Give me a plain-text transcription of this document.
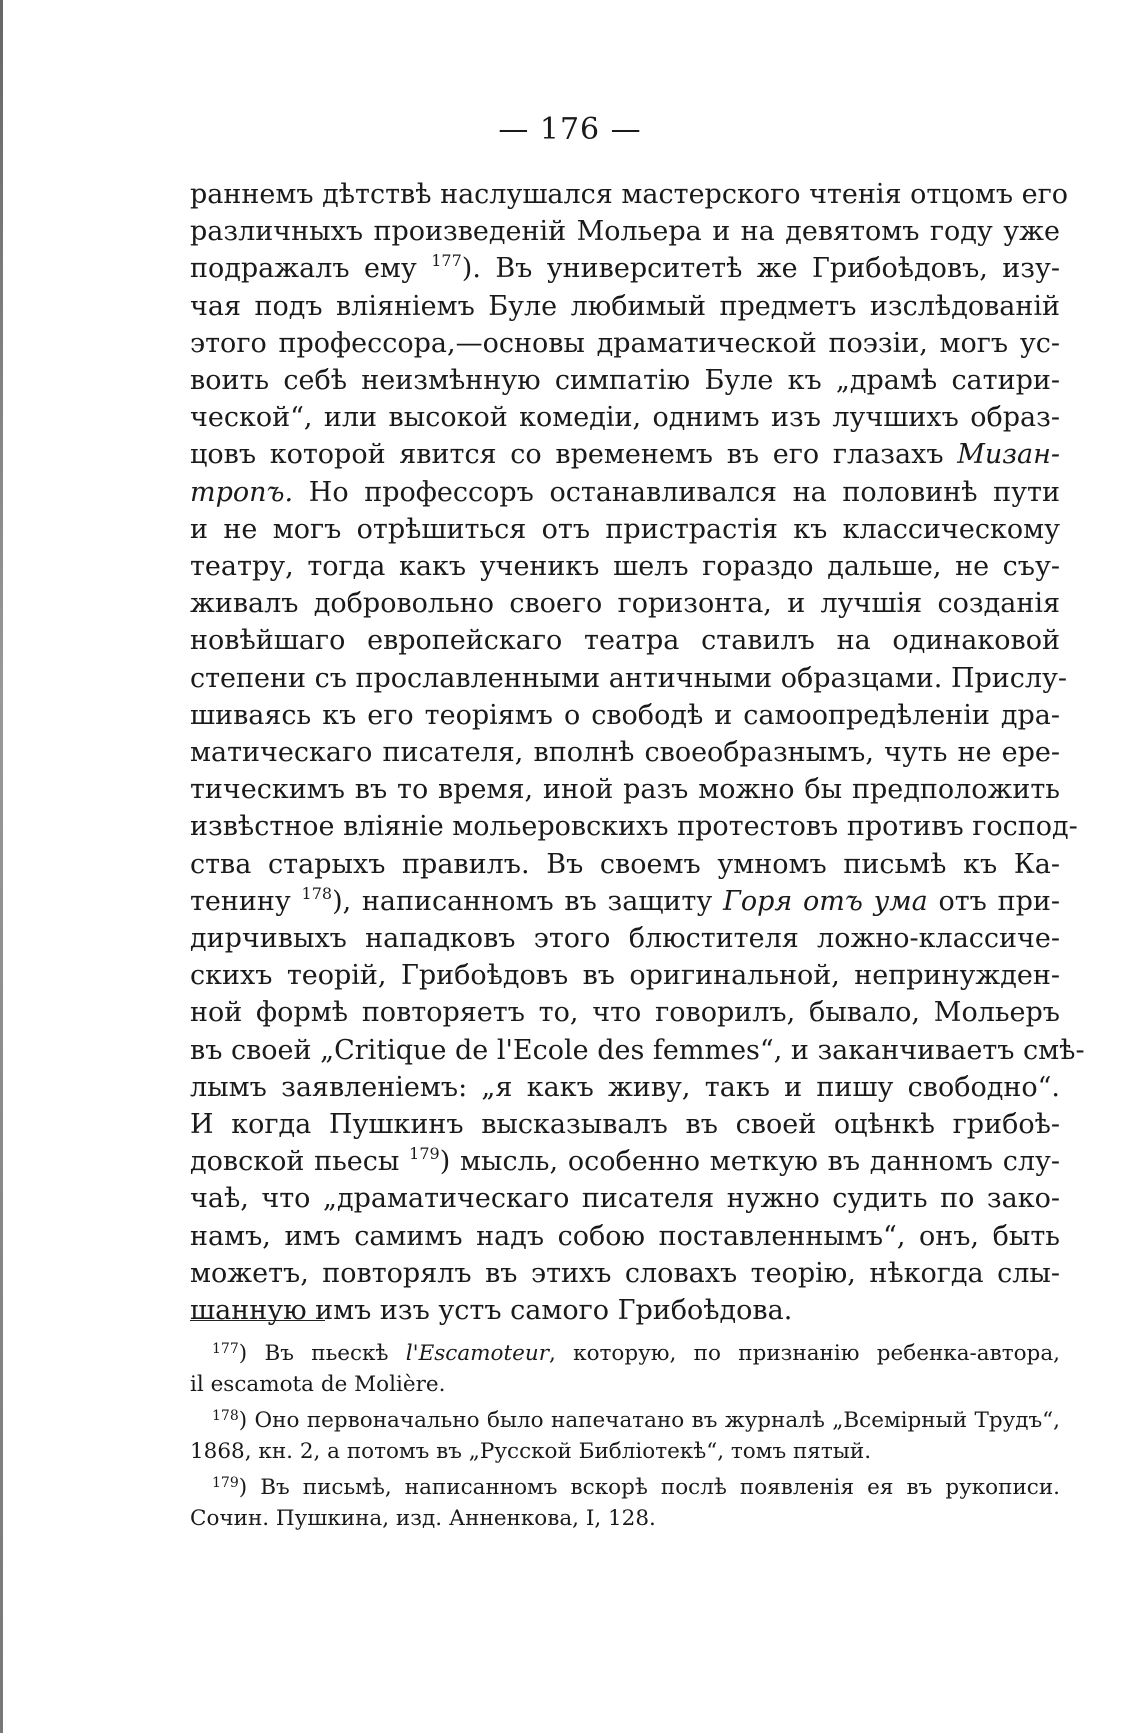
— 176 —
раннемъ дѣтствѣ наслушался мастерского чтенія отцомъ его
различныхъ произведеній Мольера и на девятомъ году уже
подражалъ ему $^{177}$). Въ университетѣ же Грибоѣдовъ, изу-
чая подъ вліяніемъ Буле любимый предметъ изслѣдованій
этого профессора,—основы драматической поэзіи, могъ ус-
воить себѣ неизмѣнную симпатію Буле къ „драмѣ сатири-
ческой“, или высокой комедіи, однимъ изъ лучшихъ образ-
цовъ которой явится со временемъ въ его глазахъ Мизан-
тропъ. Но профессоръ останавливался на половинѣ пути
и не могъ отрѣшиться отъ пристрастія къ классическому
театру, тогда какъ ученикъ шелъ гораздо дальше, не съу-
живалъ добровольно своего горизонта, и лучшія созданія
новѣйшаго европейскаго театра ставилъ на одинаковой
степени съ прославленными античными образцами. Прислу-
шиваясь къ его теоріямъ о свободѣ и самоопредѣленіи дра-
матическаго писателя, вполнѣ своеобразнымъ, чуть не ере-
тическимъ въ то время, иной разъ можно бы предположить
извѣстное вліяніе мольеровскихъ протестовъ противъ господ-
ства старыхъ правилъ. Въ своемъ умномъ письмѣ къ Ка-
тенину $^{178}$), написанномъ въ защиту Горя отъ ума отъ при-
дирчивыхъ нападковъ этого блюстителя ложно-классиче-
скихъ теорій, Грибоѣдовъ въ оригинальной, непринужден-
ной формѣ повторяетъ то, что говорилъ, бывало, Мольеръ
въ своей „Critique de l'Ecole des femmes“, и заканчиваетъ смѣ-
лымъ заявленіемъ: „я какъ живу, такъ и пишу свободно“.
И когда Пушкинъ высказывалъ въ своей оцѣнкѣ грибоѣ-
довской пьесы $^{179}$) мысль, особенно меткую въ данномъ слу-
чаѣ, что „драматическаго писателя нужно судить по зако-
намъ, имъ самимъ надъ собою поставленнымъ“, онъ, быть
можетъ, повторялъ въ этихъ словахъ теорію, нѣкогда слы-
шанную имъ изъ устъ самого Грибоѣдова.
$^{177}$) Въ пьескѣ l'Escamoteur, которую, по признанію ребенка-автора,
il escamota de Molière.
$^{178}$) Оно первоначально было напечатано въ журналѣ „Всемірный Трудъ“,
1868, кн. 2, а потомъ въ „Русской Библіотекѣ“, томъ пятый.
$^{179}$) Въ письмѣ, написанномъ вскорѣ послѣ появленія ея въ рукописи.
Сочин. Пушкина, изд. Анненкова, I, 128.
